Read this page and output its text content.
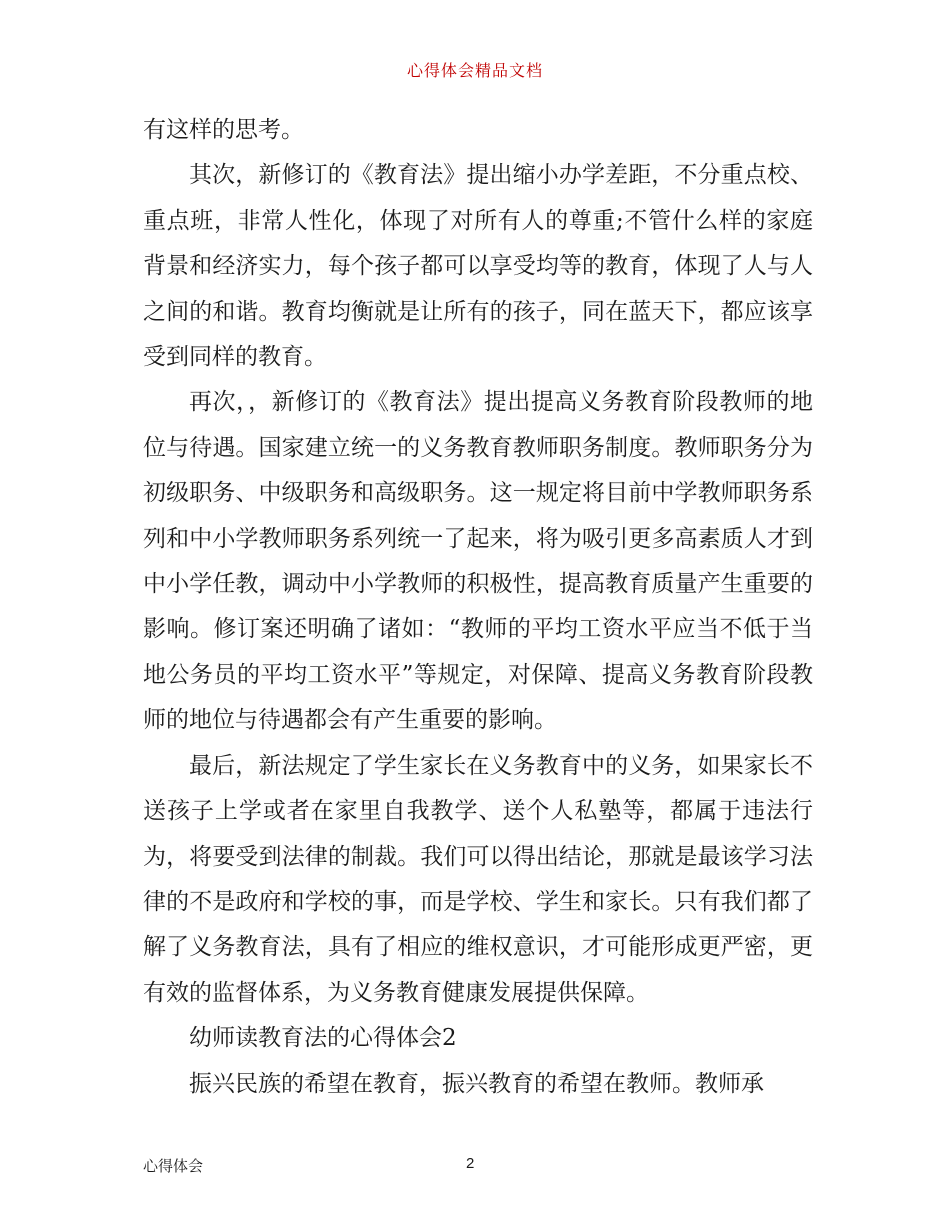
心得体会精品文档

有这样的思考。

其次，新修订的《教育法》提出缩小办学差距，不分重点校、重点班，非常人性化，体现了对所有人的尊重;不管什么样的家庭背景和经济实力，每个孩子都可以享受均等的教育，体现了人与人之间的和谐。教育均衡就是让所有的孩子，同在蓝天下，都应该享受到同样的教育。

再次，，新修订的《教育法》提出提高义务教育阶段教师的地位与待遇。国家建立统一的义务教育教师职务制度。教师职务分为初级职务、中级职务和高级职务。这一规定将目前中学教师职务系列和中小学教师职务系列统一了起来，将为吸引更多高素质人才到中小学任教，调动中小学教师的积极性，提高教育质量产生重要的影响。修订案还明确了诸如：“教师的平均工资水平应当不低于当地公务员的平均工资水平”等规定，对保障、提高义务教育阶段教师的地位与待遇都会有产生重要的影响。

最后，新法规定了学生家长在义务教育中的义务，如果家长不送孩子上学或者在家里自我教学、送个人私塾等，都属于违法行为，将要受到法律的制裁。我们可以得出结论，那就是最该学习法律的不是政府和学校的事，而是学校、学生和家长。只有我们都了解了义务教育法，具有了相应的维权意识，才可能形成更严密，更有效的监督体系，为义务教育健康发展提供保障。

幼师读教育法的心得体会2

振兴民族的希望在教育，振兴教育的希望在教师。教师承

心得体会	2
